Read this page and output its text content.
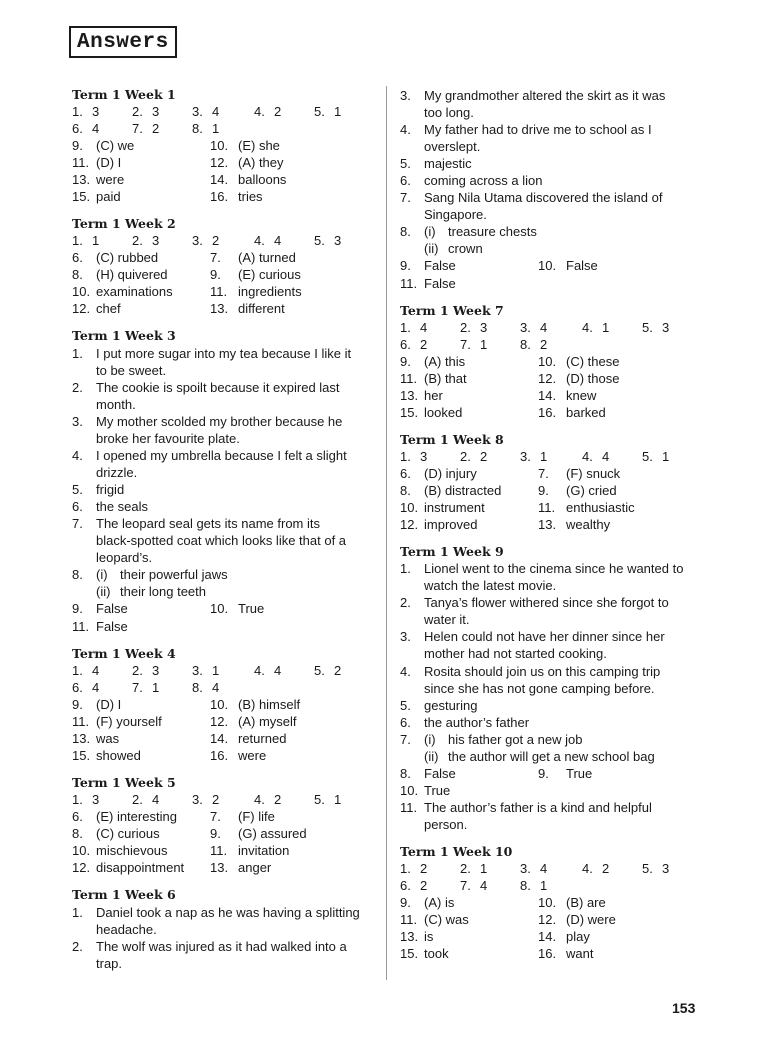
Answers
Term 1 Week 1
1. 3	2. 3	3. 4	4. 2	5. 1
6. 4	7. 2	8. 1
9. (C) we	10. (E) she
11. (D) I	12. (A) they
13. were	14. balloons
15. paid	16. tries
Term 1 Week 2
1. 1	2. 3	3. 2	4. 4	5. 3
6. (C) rubbed	7. (A) turned
8. (H) quivered	9. (E) curious
10. examinations	11. ingredients
12. chef	13. different
Term 1 Week 3
1. I put more sugar into my tea because I like it
to be sweet.
2. The cookie is spoilt because it expired last
month.
3. My mother scolded my brother because he
broke her favourite plate.
4. I opened my umbrella because I felt a slight
drizzle.
5. frigid
6. the seals
7. The leopard seal gets its name from its
black-spotted coat which looks like that of a
leopard’s.
8. (i) their powerful jaws
(ii) their long teeth
9. False	10. True
11. False
Term 1 Week 4
1. 4	2. 3	3. 1	4. 4	5. 2
6. 4	7. 1	8. 4
9. (D) I	10. (B) himself
11. (F) yourself	12. (A) myself
13. was	14. returned
15. showed	16. were
Term 1 Week 5
1. 3	2. 4	3. 2	4. 2	5. 1
6. (E) interesting	7. (F) life
8. (C) curious	9. (G) assured
10. mischievous	11. invitation
12. disappointment 13. anger
Term 1 Week 6
1. Daniel took a nap as he was having a splitting
headache.
2. The wolf was injured as it had walked into a
trap.
3. My grandmother altered the skirt as it was
too long.
4. My father had to drive me to school as I
overslept.
5. majestic
6. coming across a lion
7. Sang Nila Utama discovered the island of
Singapore.
8. (i) treasure chests
(ii) crown
9. False	10. False
11. False
Term 1 Week 7
1. 4	2. 3	3. 4	4. 1	5. 3
6. 2	7. 1	8. 2
9. (A) this	10. (C) these
11. (B) that	12. (D) those
13. her	14. knew
15. looked	16. barked
Term 1 Week 8
1. 3	2. 2	3. 1	4. 4	5. 1
6. (D) injury	7. (F) snuck
8. (B) distracted	9. (G) cried
10. instrument	11. enthusiastic
12. improved	13. wealthy
Term 1 Week 9
1. Lionel went to the cinema since he wanted to
watch the latest movie.
2. Tanya’s flower withered since she forgot to
water it.
3. Helen could not have her dinner since her
mother had not started cooking.
4. Rosita should join us on this camping trip
since she has not gone camping before.
5. gesturing
6. the author’s father
7. (i) his father got a new job
(ii) the author will get a new school bag
8. False	9. True
10. True
11. The author’s father is a kind and helpful
person.
Term 1 Week 10
1. 2	2. 1	3. 4	4. 2	5. 3
6. 2	7. 4	8. 1
9. (A) is	10. (B) are
11. (C) was	12. (D) were
13. is	14. play
15. took	16. want
153
